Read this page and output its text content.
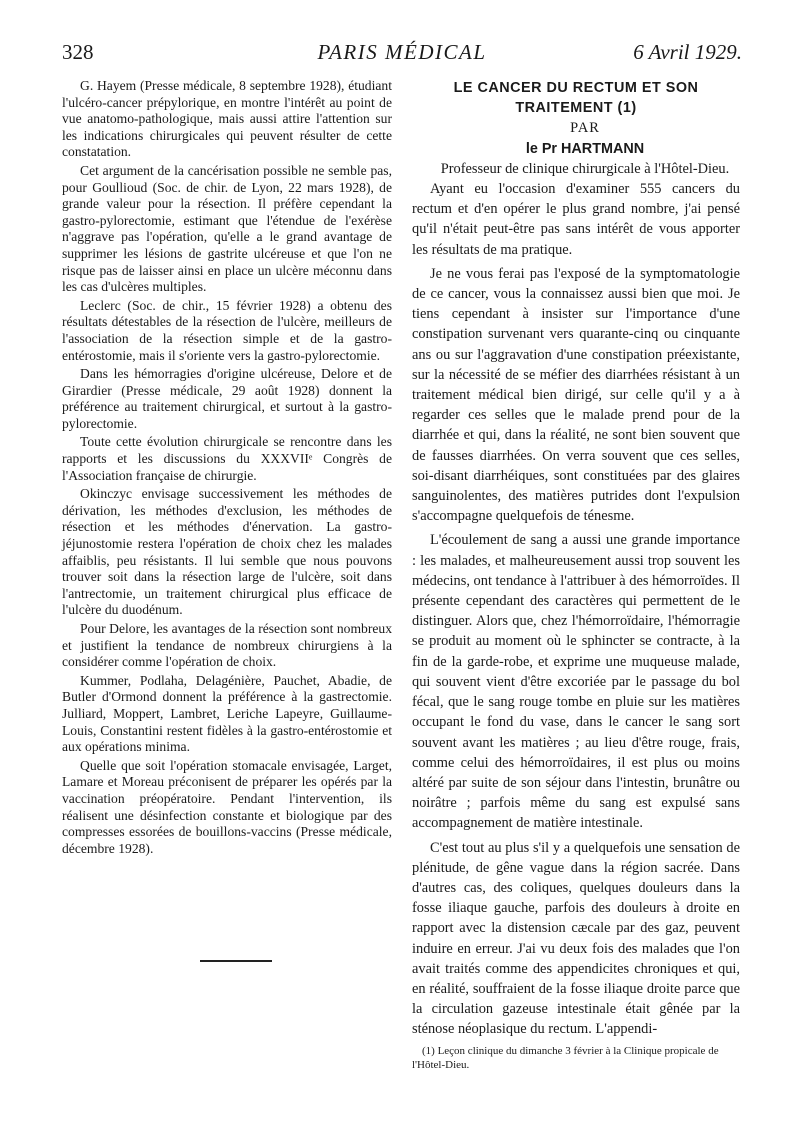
328	PARIS MÉDICAL	6 Avril 1929.

G. Hayem (Presse médicale, 8 septembre 1928), étudiant l'ulcéro-cancer prépylorique, en montre l'intérêt au point de vue anatomo-pathologique, mais aussi attire l'attention sur les indications chirurgicales qui peuvent résulter de cette constatation.

Cet argument de la cancérisation possible ne semble pas, pour Goullioud (Soc. de chir. de Lyon, 22 mars 1928), de grande valeur pour la résection. Il préfère cependant la gastro-pylorectomie, estimant que l'étendue de l'exérèse n'aggrave pas l'opération, qu'elle a le grand avantage de supprimer les lésions de gastrite ulcéreuse et que l'on ne risque pas de laisser ainsi en place un ulcère méconnu dans les cas d'ulcères multiples.

Leclerc (Soc. de chir., 15 février 1928) a obtenu des résultats détestables de la résection de l'ulcère, meilleurs de l'association de la résection simple et de la gastro-entérostomie, mais il s'oriente vers la gastro-pylorectomie.

Dans les hémorragies d'origine ulcéreuse, Delore et de Girardier (Presse médicale, 29 août 1928) donnent la préférence au traitement chirurgical, et surtout à la gastro-pylorectomie.

Toute cette évolution chirurgicale se rencontre dans les rapports et les discussions du XXXVIIᵉ Congrès de l'Association française de chirurgie.

Okinczyc envisage successivement les méthodes de dérivation, les méthodes d'exclusion, les méthodes de résection et les méthodes d'énervation. La gastro-jéjunostomie restera l'opération de choix chez les malades affaiblis, peu résistants. Il lui semble que nous pouvons trouver soit dans la résection large de l'ulcère, soit dans l'antrectomie, un traitement chirurgical plus efficace de l'ulcère du duodénum.

Pour Delore, les avantages de la résection sont nombreux et justifient la tendance de nombreux chirurgiens à la considérer comme l'opération de choix.

Kummer, Podlaha, Delagénière, Pauchet, Abadie, de Butler d'Ormond donnent la préférence à la gastrectomie. Julliard, Moppert, Lambret, Leriche Lapeyre, Guillaume-Louis, Constantini restent fidèles à la gastro-entérostomie et aux opérations minima.

Quelle que soit l'opération stomacale envisagée, Larget, Lamare et Moreau préconisent de préparer les opérés par la vaccination préopératoire. Pendant l'intervention, ils réalisent une désinfection constante et biologique par des compresses essorées de bouillons-vaccins (Presse médicale, décembre 1928).

LE CANCER DU RECTUM ET SON TRAITEMENT (1)

PAR

le Pr HARTMANN

Professeur de clinique chirurgicale à l'Hôtel-Dieu.

Ayant eu l'occasion d'examiner 555 cancers du rectum et d'en opérer le plus grand nombre, j'ai pensé qu'il n'était peut-être pas sans intérêt de vous apporter les résultats de ma pratique.

Je ne vous ferai pas l'exposé de la symptomatologie de ce cancer, vous la connaissez aussi bien que moi. Je tiens cependant à insister sur l'importance d'une constipation survenant vers quarante-cinq ou cinquante ans ou sur l'aggravation d'une constipation préexistante, sur la nécessité de se méfier des diarrhées résistant à un traitement médical bien dirigé, sur celle qu'il y a à regarder ces selles que le malade prend pour de la diarrhée et qui, dans la réalité, ne sont bien souvent que de fausses diarrhées. On verra souvent que ces selles, soi-disant diarrhéiques, sont constituées par des glaires sanguinolentes, des matières putrides dont l'expulsion s'accompagne quelquefois de ténesme.

L'écoulement de sang a aussi une grande importance : les malades, et malheureusement aussi trop souvent les médecins, ont tendance à l'attribuer à des hémorroïdes. Il présente cependant des caractères qui permettent de le distinguer. Alors que, chez l'hémorroïdaire, l'hémorragie se produit au moment où le sphincter se contracte, à la fin de la garde-robe, et exprime une muqueuse malade, qui souvent vient d'être excoriée par le passage du bol fécal, que le sang rouge tombe en pluie sur les matières occupant le fond du vase, dans le cancer le sang sort souvent avant les matières ; au lieu d'être rouge, frais, comme celui des hémorroïdaires, il est plus ou moins altéré par suite de son séjour dans l'intestin, brunâtre ou noirâtre ; parfois même du sang est expulsé sans accompagnement de matière intestinale.

C'est tout au plus s'il y a quelquefois une sensation de plénitude, de gêne vague dans la région sacrée. Dans d'autres cas, des coliques, quelques douleurs dans la fosse iliaque gauche, parfois des douleurs à droite en rapport avec la distension cæcale par des gaz, peuvent induire en erreur. J'ai vu deux fois des malades que l'on avait traités comme des appendicites chroniques et qui, en réalité, souffraient de la fosse iliaque droite parce que la circulation gazeuse intestinale était gênée par la sténose néoplasique du rectum. L'appendi-

(1) Leçon clinique du dimanche 3 février à la Clinique propicale de l'Hôtel-Dieu.
